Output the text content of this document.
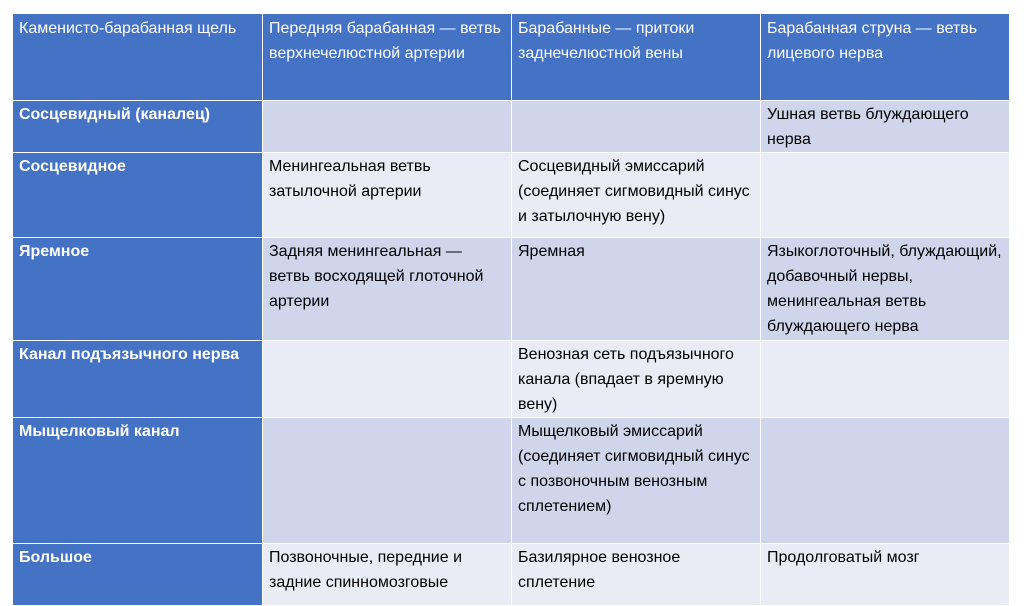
Каменисто-барабанная щель	Передняя барабанная — ветвь верхнечелюстной артерии	Барабанные — притоки заднечелюстной вены	Барабанная струна — ветвь лицевого нерва
Сосцевидный (каналец)			Ушная ветвь блуждающего нерва
Сосцевидное	Менингеальная ветвь затылочной артерии	Сосцевидный эмиссарий (соединяет сигмовидный синус и затылочную вену)	
Яремное	Задняя менингеальная — ветвь восходящей глоточной артерии	Яремная	Языкоглоточный, блуждающий, добавочный нервы, менингеальная ветвь блуждающего нерва
Канал подъязычного нерва		Венозная сеть подъязычного канала (впадает в яремную вену)	
Мыщелковый канал		Мыщелковый эмиссарий (соединяет сигмовидный синус с позвоночным венозным сплетением)	
Большое	Позвоночные, передние и задние спинномозговые	Базилярное венозное сплетение	Продолговатый мозг
